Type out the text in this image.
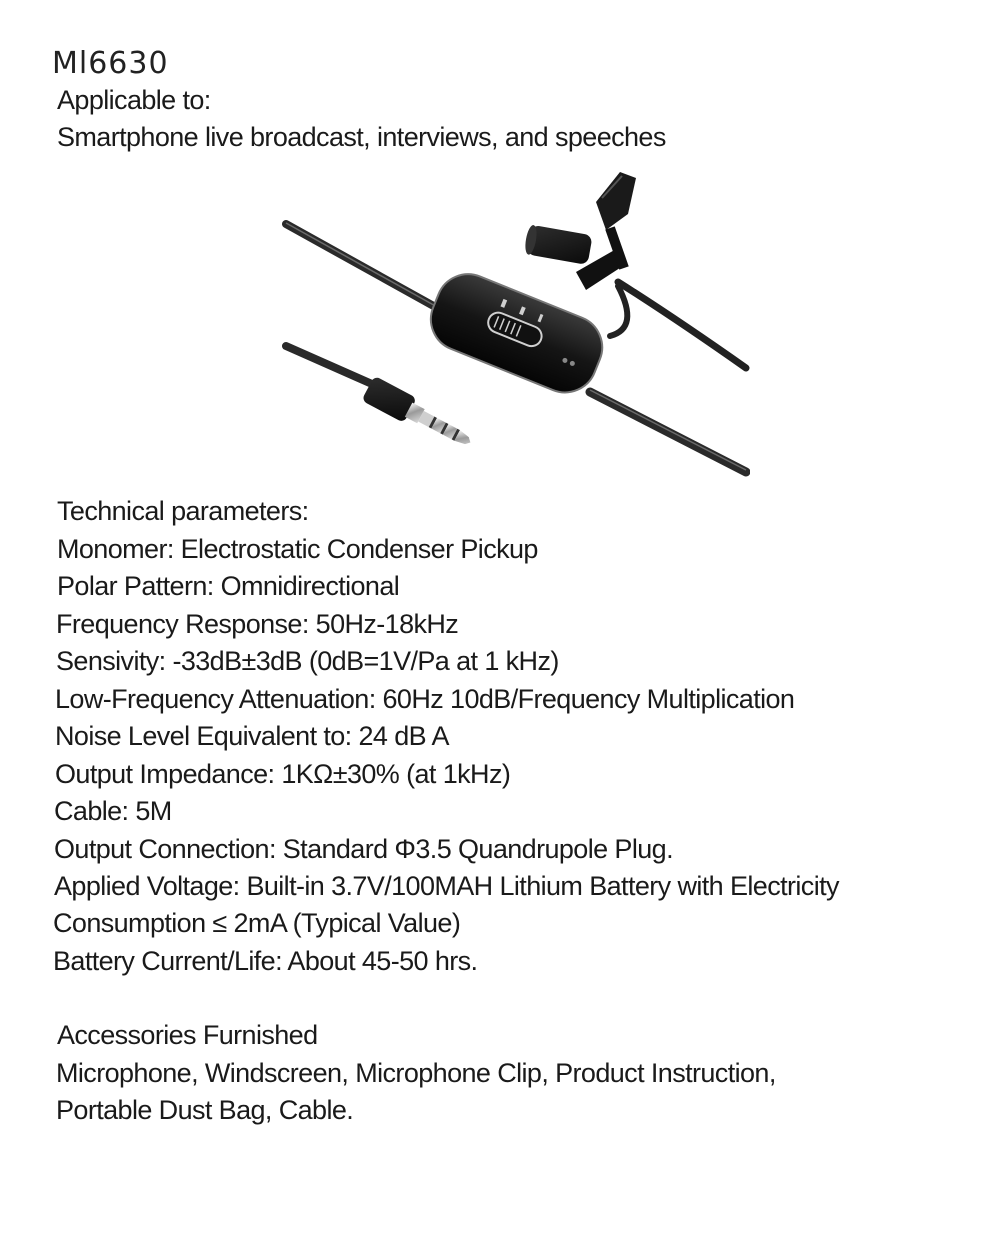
Ml6630

Applicable to:

Smartphone live broadcast, interviews, and speeches

Technical parameters:

Monomer: Electrostatic Condenser Pickup

Polar Pattern: Omnidirectional

Frequency Response: 50Hz-18kHz

Sensivity: -33dB±3dB (0dB=1V/Pa at 1 kHz)

Low-Frequency Attenuation: 60Hz 10dB/Frequency Multiplication

Noise Level Equivalent to: 24 dB A

Output Impedance: 1KΩ±30% (at 1kHz)

Cable: 5M

Output Connection: Standard Φ3.5 Quandrupole Plug.

Applied Voltage: Built-in 3.7V/100MAH Lithium Battery with Electricity

Consumption ≤ 2mA (Typical Value)

Battery Current/Life: About 45-50 hrs.

Accessories Furnished

Microphone, Windscreen, Microphone Clip, Product Instruction,

Portable Dust Bag, Cable.
